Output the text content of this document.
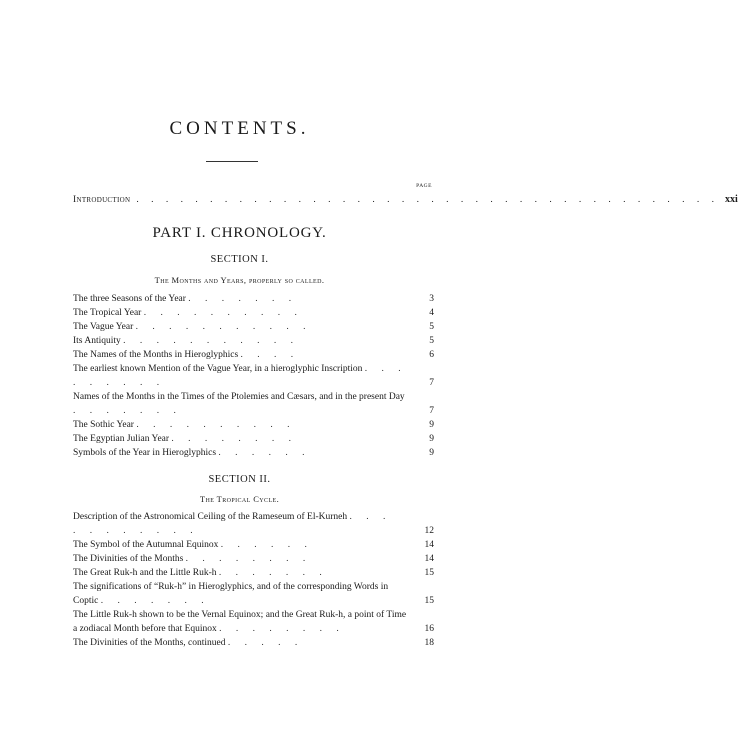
CONTENTS.
PAGE
Introduction . . . . . . . . . . . . . . . . . . . . . . . . . . . . . . . . . . . . . . . . xxi
PART I. CHRONOLOGY.
SECTION I.
The Months and Years, properly so called.
The three Seasons of the Year . . . . . . .	3
The Tropical Year . . . . . . . . . .	4
The Vague Year . . . . . . . . . . .	5
Its Antiquity . . . . . . . . . . .	5
The Names of the Months in Hieroglyphics . . . .	6
The earliest known Mention of the Vague Year, in a hieroglyphic Inscription . . . . . . . . .	7
Names of the Months in the Times of the Ptolemies and Cæsars, and in the present Day . . . . . . .	7
The Sothic Year . . . . . . . . . .	9
The Egyptian Julian Year . . . . . . . .	9
Symbols of the Year in Hieroglyphics . . . . . .	9
SECTION II.
The Tropical Cycle.
Description of the Astronomical Ceiling of the Rameseum of El-Kurneh . . . . . . . . . . .	12
The Symbol of the Autumnal Equinox . . . . . .	14
The Divinities of the Months . . . . . . . .	14
The Great Ruk-h and the Little Ruk-h . . . . . . .	15
The significations of “Ruk-h” in Hieroglyphics, and of the corresponding Words in Coptic . . . . . . .	15
The Little Ruk-h shown to be the Vernal Equinox; and the Great Ruk-h, a point of Time a zodiacal Month before that Equinox . . . . . . . .	16
The Divinities of the Months, continued . . . . .	18
